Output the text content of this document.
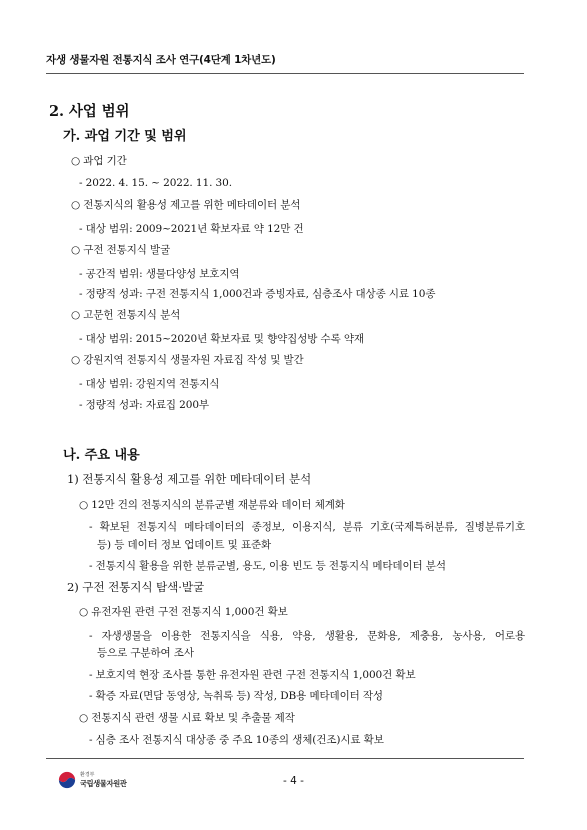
자생 생물자원 전통지식 조사 연구(4단계 1차년도)
2. 사업 범위
가. 과업 기간 및 범위
○ 과업 기간
- 2022. 4. 15. ~ 2022. 11. 30.
○ 전통지식의 활용성 제고를 위한 메타데이터 분석
- 대상 범위: 2009~2021년 확보자료 약 12만 건
○ 구전 전통지식 발굴
- 공간적 범위: 생물다양성 보호지역
- 정량적 성과: 구전 전통지식 1,000건과 증빙자료, 심층조사 대상종 시료 10종
○ 고문헌 전통지식 분석
- 대상 범위: 2015~2020년 확보자료 및 향약집성방 수록 약재
○ 강원지역 전통지식 생물자원 자료집 작성 및 발간
- 대상 범위: 강원지역 전통지식
- 정량적 성과: 자료집 200부
나. 주요 내용
1) 전통지식 활용성 제고를 위한 메타데이터 분석
○ 12만 건의 전통지식의 분류군별 재분류와 데이터 체계화
- 확보된 전통지식 메타데이터의 종정보, 이용지식, 분류 기호(국제특허분류, 질병분류기호
등) 등 데이터 정보 업데이트 및 표준화
- 전통지식 활용을 위한 분류군별, 용도, 이용 빈도 등 전통지식 메타데이터 분석
2) 구전 전통지식 탐색·발굴
○ 유전자원 관련 구전 전통지식 1,000건 확보
- 자생생물을 이용한 전통지식을 식용, 약용, 생활용, 문화용, 제충용, 농사용, 어로용
등으로 구분하여 조사
- 보호지역 현장 조사를 통한 유전자원 관련 구전 전통지식 1,000건 확보
- 확증 자료(면담 동영상, 녹취록 등) 작성, DB용 메타데이터 작성
○ 전통지식 관련 생물 시료 확보 및 추출물 제작
- 심층 조사 전통지식 대상종 중 주요 10종의 생체(건조)시료 확보
환경부
국립생물자원관	- 4 -
